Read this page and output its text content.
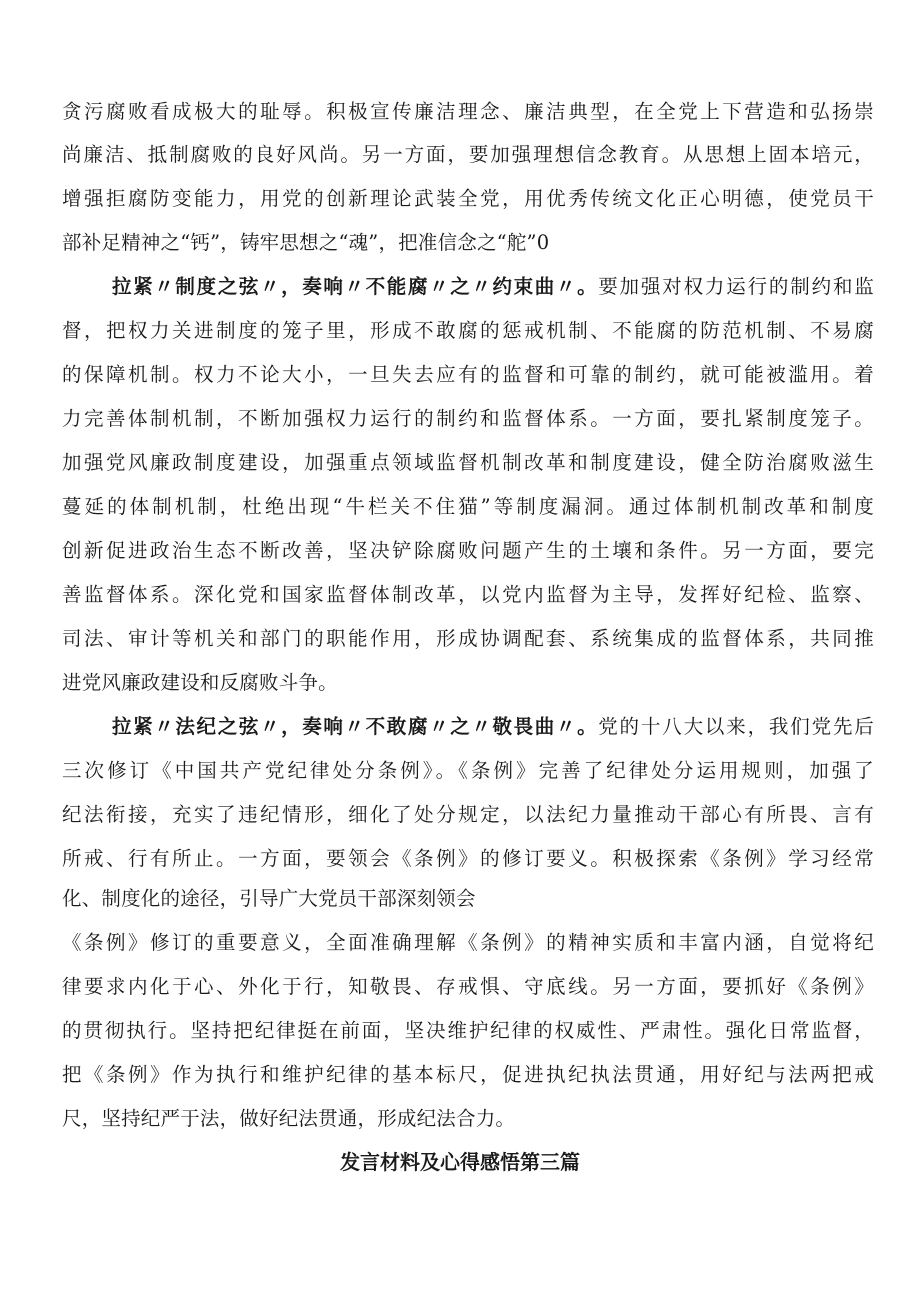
贪污腐败看成极大的耻辱。积极宣传廉洁理念、廉洁典型，在全党上下营造和弘扬崇
尚廉洁、抵制腐败的良好风尚。另一方面，要加强理想信念教育。从思想上固本培元，
增强拒腐防变能力，用党的创新理论武装全党，用优秀传统文化正心明德，使党员干
部补足精神之“钙”，铸牢思想之“魂”，把准信念之“舵”0
拉紧〃制度之弦〃，奏响〃不能腐〃之〃约束曲〃。要加强对权力运行的制约和监
督，把权力关进制度的笼子里，形成不敢腐的惩戒机制、不能腐的防范机制、不易腐
的保障机制。权力不论大小，一旦失去应有的监督和可靠的制约，就可能被滥用。着
力完善体制机制，不断加强权力运行的制约和监督体系。一方面，要扎紧制度笼子。
加强党风廉政制度建设，加强重点领域监督机制改革和制度建设，健全防治腐败滋生
蔓延的体制机制，杜绝出现“牛栏关不住猫”等制度漏洞。通过体制机制改革和制度
创新促进政治生态不断改善，坚决铲除腐败问题产生的土壤和条件。另一方面，要完
善监督体系。深化党和国家监督体制改革，以党内监督为主导，发挥好纪检、监察、
司法、审计等机关和部门的职能作用，形成协调配套、系统集成的监督体系，共同推
进党风廉政建设和反腐败斗争。
拉紧〃法纪之弦〃，奏响〃不敢腐〃之〃敬畏曲〃。党的十八大以来，我们党先后
三次修订《中国共产党纪律处分条例》。《条例》完善了纪律处分运用规则，加强了
纪法衔接，充实了违纪情形，细化了处分规定，以法纪力量推动干部心有所畏、言有
所戒、行有所止。一方面，要领会《条例》的修订要义。积极探索《条例》学习经常
化、制度化的途径，引导广大党员干部深刻领会
《条例》修订的重要意义，全面准确理解《条例》的精神实质和丰富内涵，自觉将纪
律要求内化于心、外化于行，知敬畏、存戒惧、守底线。另一方面，要抓好《条例》
的贯彻执行。坚持把纪律挺在前面，坚决维护纪律的权威性、严肃性。强化日常监督，
把《条例》作为执行和维护纪律的基本标尺，促进执纪执法贯通，用好纪与法两把戒
尺，坚持纪严于法，做好纪法贯通，形成纪法合力。
发言材料及心得感悟第三篇
